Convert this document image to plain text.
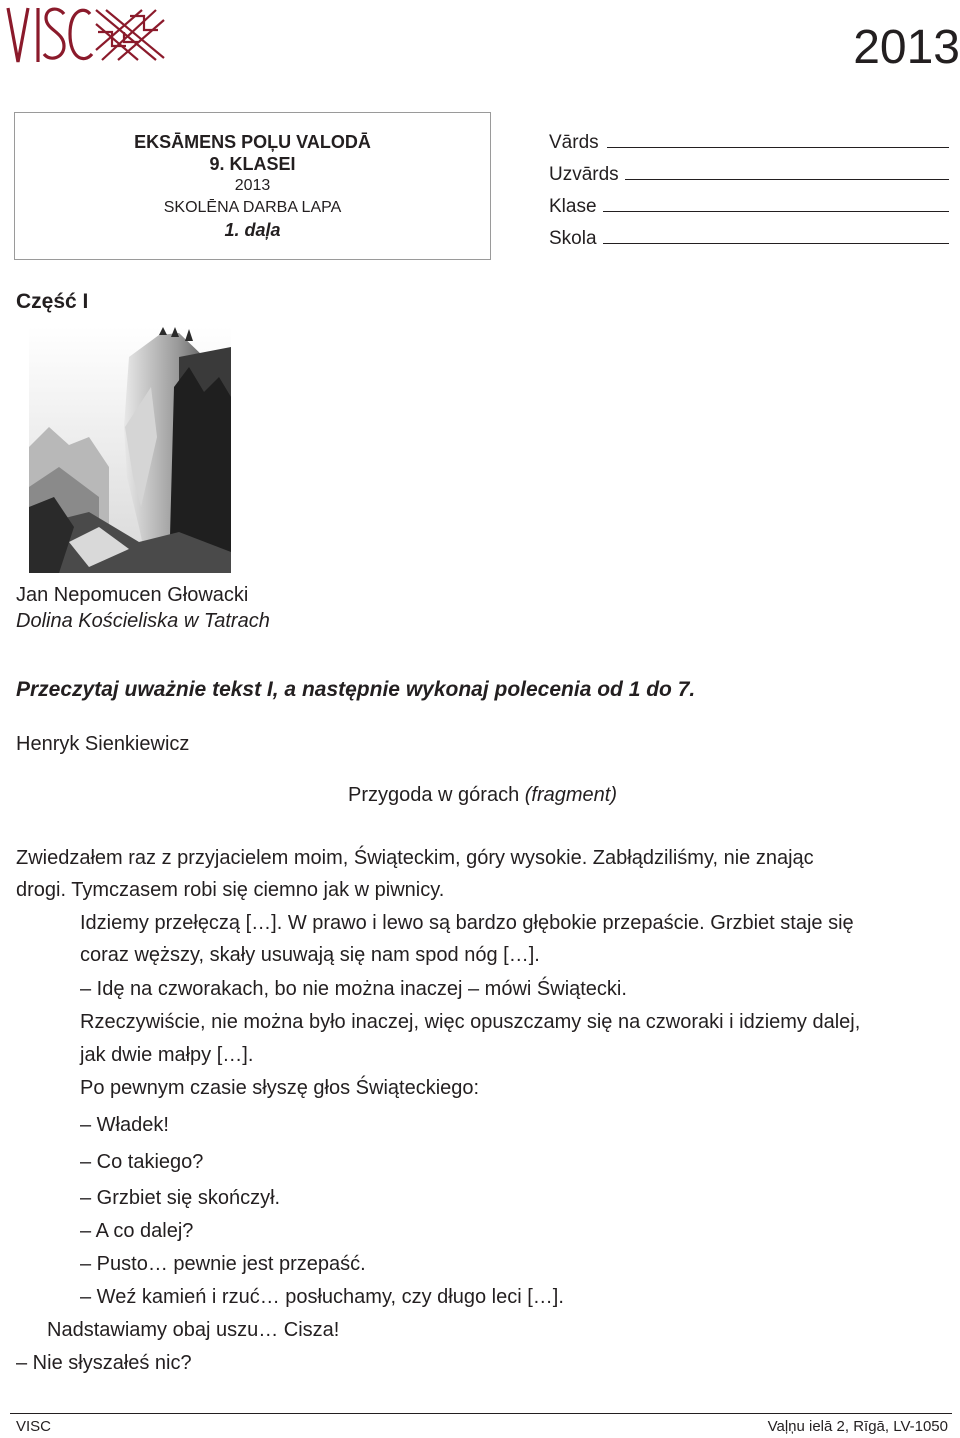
2013
EKSĀMENS POĻU VALODĀ
9. KLASEI
2013
SKOLĒNA DARBA LAPA
1. daļa
Vārds
Uzvārds
Klase
Skola
Część I
Jan Nepomucen Głowacki
Dolina Kościeliska w Tatrach
Przeczytaj uważnie tekst I, a następnie wykonaj polecenia od 1 do 7.
Henryk Sienkiewicz
Przygoda w górach (fragment)
Zwiedzałem raz z przyjacielem moim, Świąteckim, góry wysokie. Zabłądziliśmy, nie znając
drogi. Tymczasem robi się ciemno jak w piwnicy.
Idziemy przełęczą […]. W prawo i lewo są bardzo głębokie przepaście. Grzbiet staje się
coraz węższy, skały usuwają się nam spod nóg […].
– Idę na czworakach, bo nie można inaczej – mówi Świątecki.
Rzeczywiście, nie można było inaczej, więc opuszczamy się na czworaki i idziemy dalej,
jak dwie małpy […].
Po pewnym czasie słyszę głos Świąteckiego:
– Władek!
– Co takiego?
– Grzbiet się skończył.
– A co dalej?
– Pusto… pewnie jest przepaść.
– Weź kamień i rzuć… posłuchamy, czy długo leci […].
Nadstawiamy obaj uszu… Cisza!
– Nie słyszałeś nic?
VISC	Vaļņu ielā 2, Rīgā, LV-1050
